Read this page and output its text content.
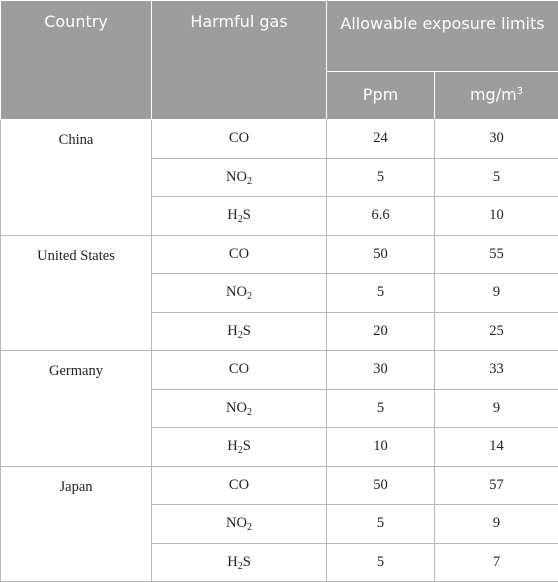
Country	Harmful gas	Allowable exposure limits	
		Ppm	$mg/m^3$
China	CO	24	30
	$NO_2$	5	5
	$H_2S$	6.6	10
United States	CO	50	55
	$NO_2$	5	9
	$H_2S$	20	25
Germany	CO	30	33
	$NO_2$	5	9
	$H_2S$	10	14
Japan	CO	50	57
	$NO_2$	5	9
	$H_2S$	5	7
